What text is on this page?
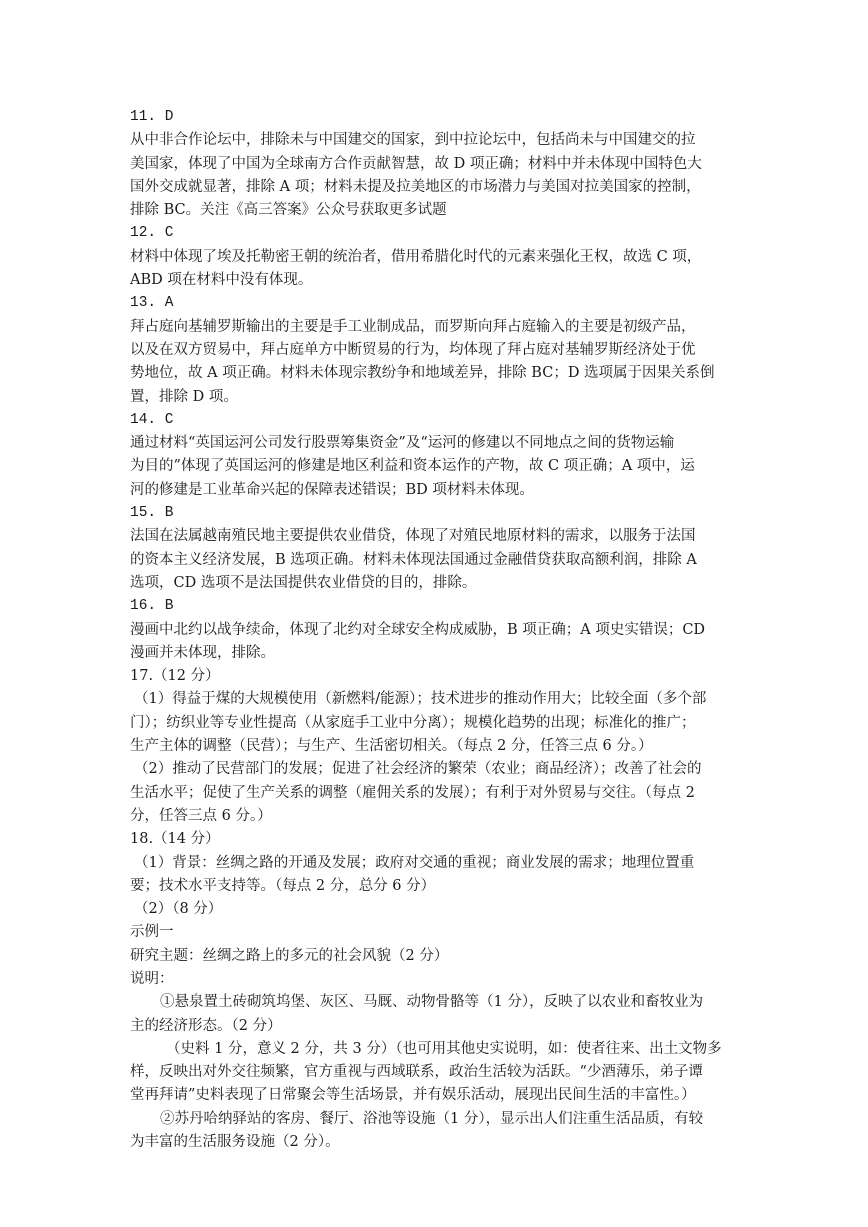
11. D
从中非合作论坛中，排除未与中国建交的国家，到中拉论坛中，包括尚未与中国建交的拉
美国家，体现了中国为全球南方合作贡献智慧，故 D 项正确；材料中并未体现中国特色大
国外交成就显著，排除 A 项；材料未提及拉美地区的市场潜力与美国对拉美国家的控制，
排除 BC。关注《高三答案》公众号获取更多试题
12. C
材料中体现了埃及托勒密王朝的统治者，借用希腊化时代的元素来强化王权，故选 C 项，
ABD 项在材料中没有体现。
13. A
拜占庭向基辅罗斯输出的主要是手工业制成品，而罗斯向拜占庭输入的主要是初级产品，
以及在双方贸易中，拜占庭单方中断贸易的行为，均体现了拜占庭对基辅罗斯经济处于优
势地位，故 A 项正确。材料未体现宗教纷争和地域差异，排除 BC；D 选项属于因果关系倒
置，排除 D 项。
14. C
通过材料“英国运河公司发行股票筹集资金”及“运河的修建以不同地点之间的货物运输
为目的”体现了英国运河的修建是地区利益和资本运作的产物，故 C 项正确；A 项中，运
河的修建是工业革命兴起的保障表述错误；BD 项材料未体现。
15. B
法国在法属越南殖民地主要提供农业借贷，体现了对殖民地原材料的需求，以服务于法国
的资本主义经济发展，B 选项正确。材料未体现法国通过金融借贷获取高额利润，排除 A
选项，CD 选项不是法国提供农业借贷的目的，排除。
16. B
漫画中北约以战争续命，体现了北约对全球安全构成威胁，B 项正确；A 项史实错误；CD
漫画并未体现，排除。
17.（12 分）
（1）得益于煤的大规模使用（新燃料/能源）；技术进步的推动作用大；比较全面（多个部
门）；纺织业等专业性提高（从家庭手工业中分离）；规模化趋势的出现；标准化的推广；
生产主体的调整（民营）；与生产、生活密切相关。（每点 2 分，任答三点 6 分。）
（2）推动了民营部门的发展；促进了社会经济的繁荣（农业；商品经济）；改善了社会的
生活水平；促使了生产关系的调整（雇佣关系的发展）；有利于对外贸易与交往。（每点 2
分，任答三点 6 分。）
18.（14 分）
（1）背景：丝绸之路的开通及发展；政府对交通的重视；商业发展的需求；地理位置重
要；技术水平支持等。（每点 2 分，总分 6 分）
（2）（8 分）
示例一
研究主题：丝绸之路上的多元的社会风貌（2 分）
说明：
①悬泉置土砖砌筑坞堡、灰区、马厩、动物骨骼等（1 分），反映了以农业和畜牧业为
主的经济形态。（2 分）
（史料 1 分，意义 2 分，共 3 分）（也可用其他史实说明，如：使者往来、出土文物多
样，反映出对外交往频繁，官方重视与西域联系，政治生活较为活跃。“少酒薄乐，弟子谭
堂再拜请”史料表现了日常聚会等生活场景，并有娱乐活动，展现出民间生活的丰富性。）
②苏丹哈纳驿站的客房、餐厅、浴池等设施（1 分），显示出人们注重生活品质，有较
为丰富的生活服务设施（2 分）。
